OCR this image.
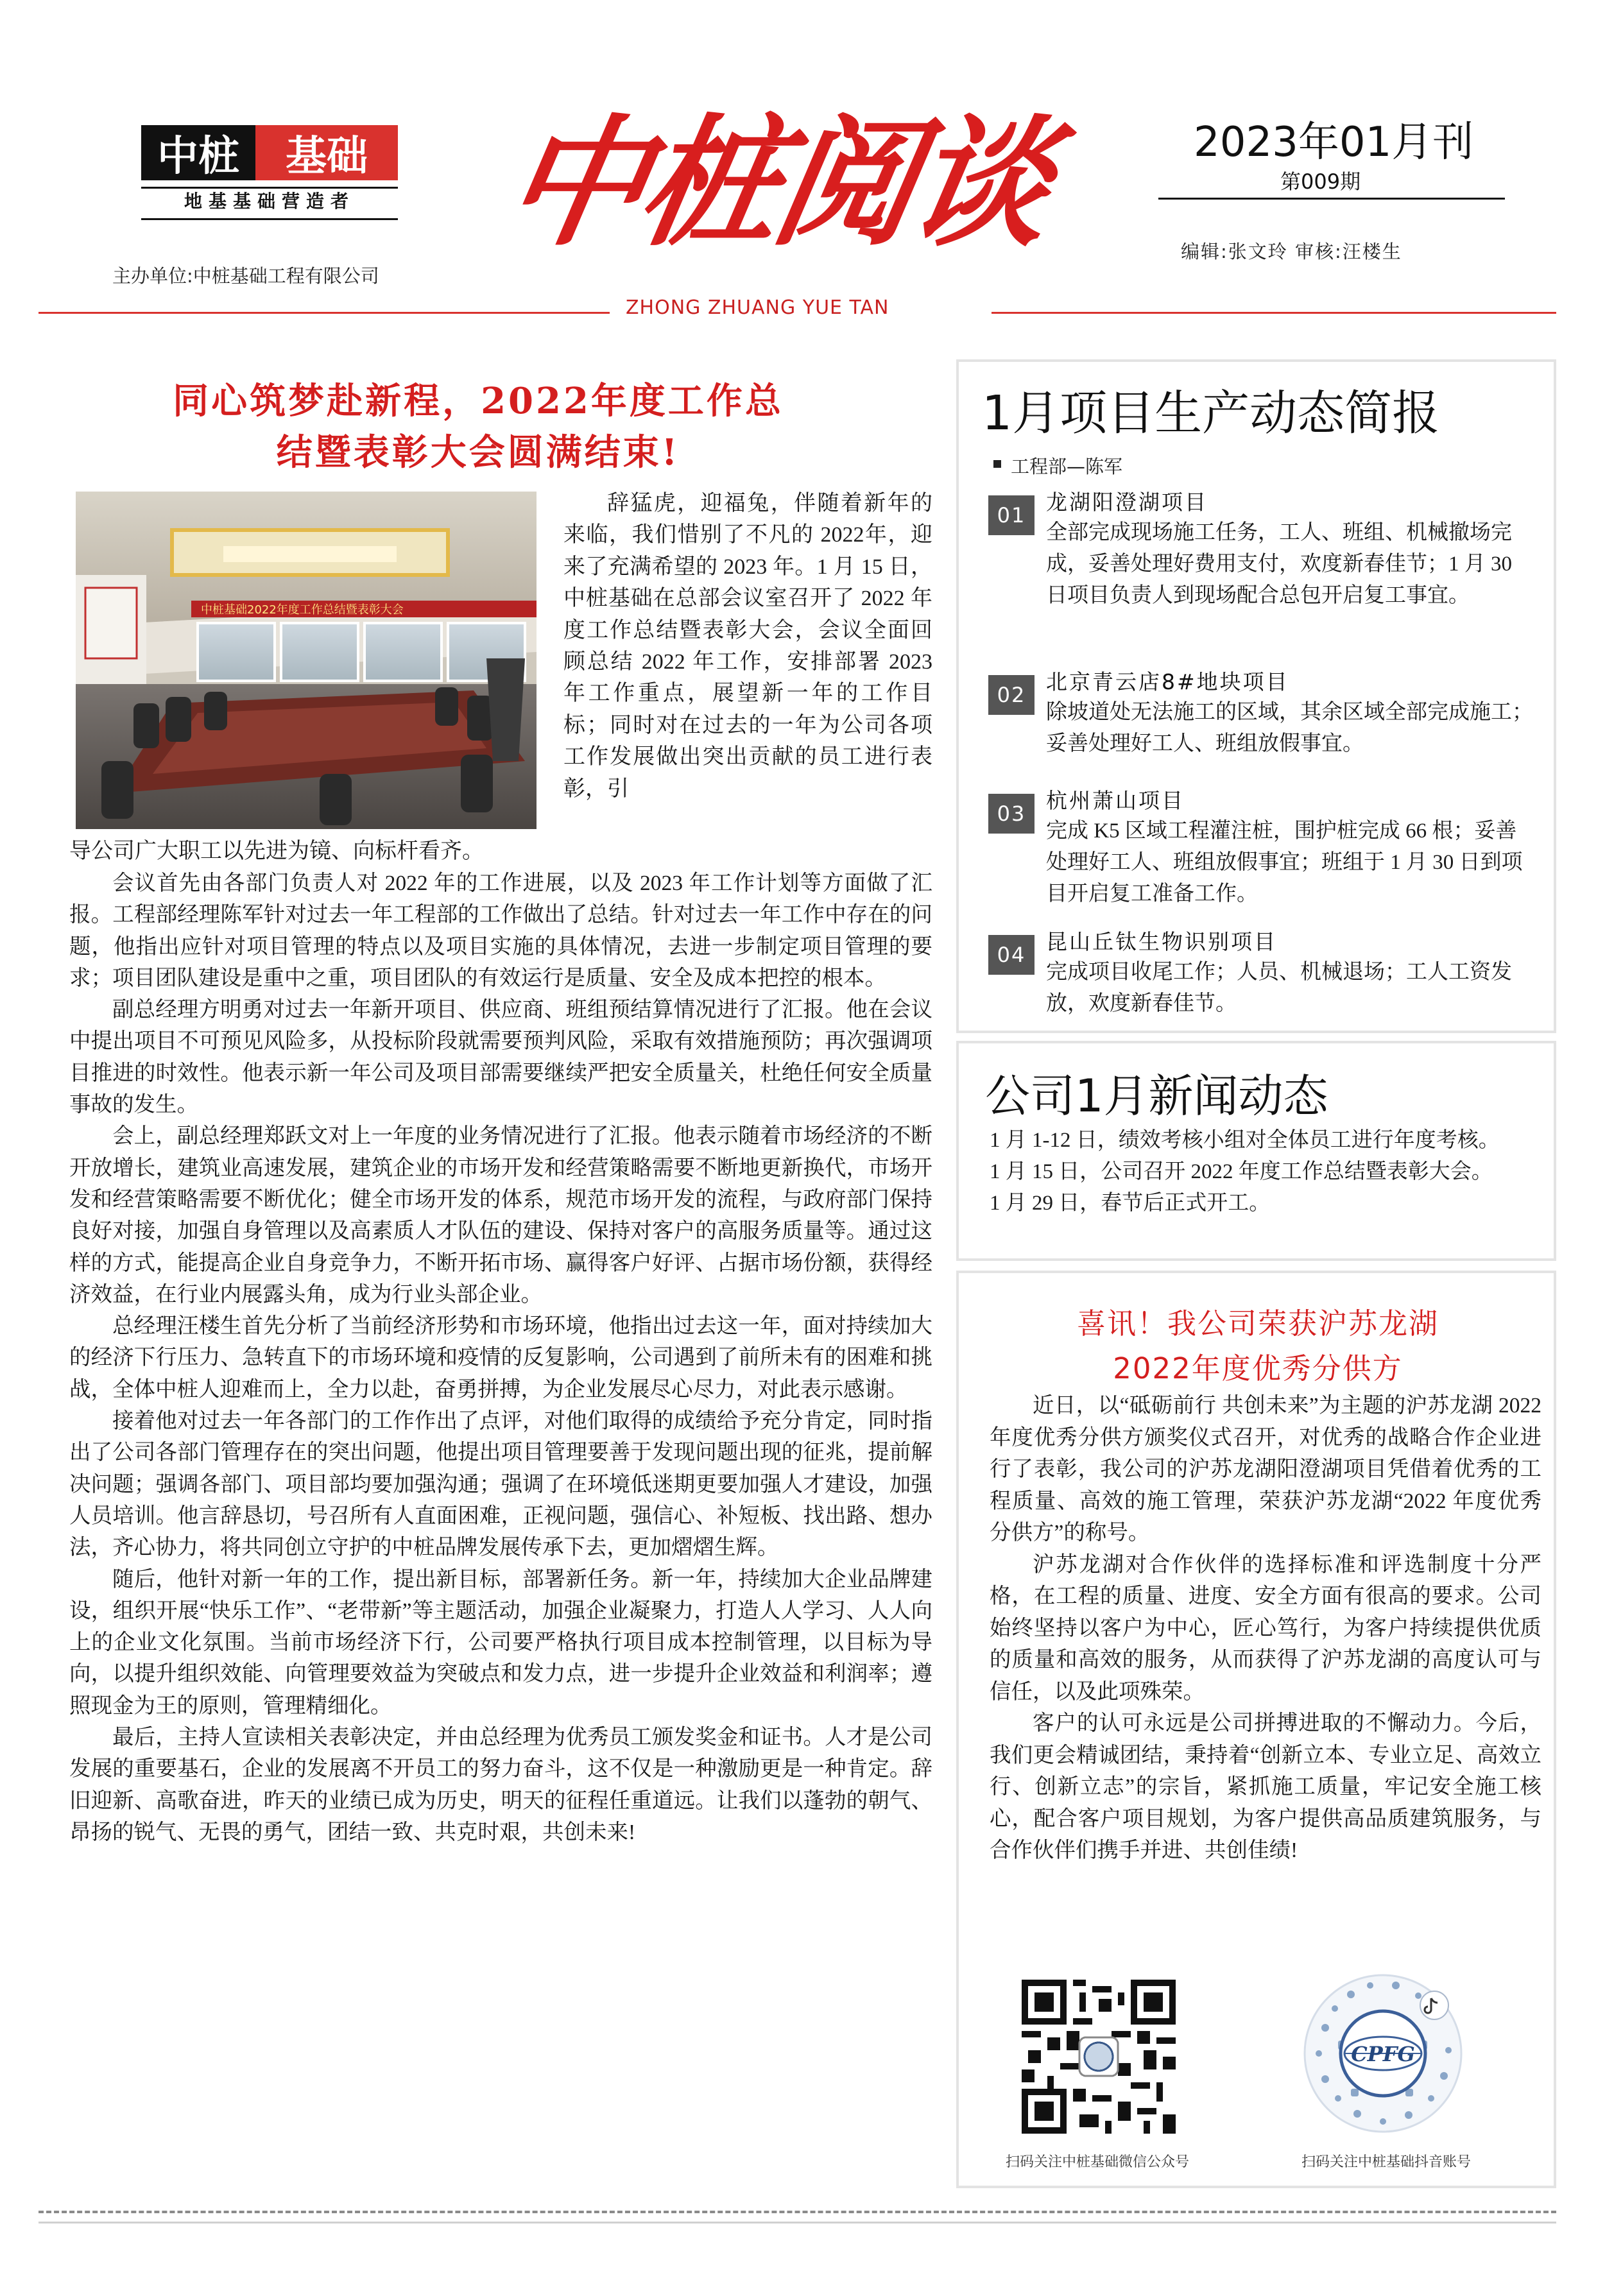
中桩	基础
地基基础营造者
主办单位:中桩基础工程有限公司
中桩阅谈
ZHONG ZHUANG YUE TAN
2023年01月刊
第009期
编辑:张文玲 审核:汪楼生
同心筑梦赴新程，2022年度工作总
结暨表彰大会圆满结束!
中桩基础2022年度工作总结暨表彰大会
辞猛虎，迎福兔，伴随着新年的来临，我们惜别了不凡的 2022年，迎来了充满希望的 2023 年。1 月 15 日，中桩基础在总部会议室召开了 2022 年度工作总结暨表彰大会，会议全面回顾总结 2022 年工作，安排部署 2023 年工作重点，展望新一年的工作目标；同时对在过去的一年为公司各项工作发展做出突出贡献的员工进行表彰，引
导公司广大职工以先进为镜、向标杆看齐。

会议首先由各部门负责人对 2022 年的工作进展，以及 2023 年工作计划等方面做了汇报。工程部经理陈军针对过去一年工程部的工作做出了总结。针对过去一年工作中存在的问题，他指出应针对项目管理的特点以及项目实施的具体情况，去进一步制定项目管理的要求；项目团队建设是重中之重，项目团队的有效运行是质量、安全及成本把控的根本。

副总经理方明勇对过去一年新开项目、供应商、班组预结算情况进行了汇报。他在会议中提出项目不可预见风险多，从投标阶段就需要预判风险，采取有效措施预防；再次强调项目推进的时效性。他表示新一年公司及项目部需要继续严把安全质量关，杜绝任何安全质量事故的发生。

会上，副总经理郑跃文对上一年度的业务情况进行了汇报。他表示随着市场经济的不断开放增长，建筑业高速发展，建筑企业的市场开发和经营策略需要不断地更新换代，市场开发和经营策略需要不断优化；健全市场开发的体系，规范市场开发的流程，与政府部门保持良好对接，加强自身管理以及高素质人才队伍的建设、保持对客户的高服务质量等。通过这样的方式，能提高企业自身竞争力，不断开拓市场、赢得客户好评、占据市场份额，获得经济效益，在行业内展露头角，成为行业头部企业。

总经理汪楼生首先分析了当前经济形势和市场环境，他指出过去这一年，面对持续加大的经济下行压力、急转直下的市场环境和疫情的反复影响，公司遇到了前所未有的困难和挑战，全体中桩人迎难而上，全力以赴，奋勇拼搏，为企业发展尽心尽力，对此表示感谢。

接着他对过去一年各部门的工作作出了点评，对他们取得的成绩给予充分肯定，同时指出了公司各部门管理存在的突出问题，他提出项目管理要善于发现问题出现的征兆，提前解决问题；强调各部门、项目部均要加强沟通；强调了在环境低迷期更要加强人才建设，加强人员培训。他言辞恳切，号召所有人直面困难，正视问题，强信心、补短板、找出路、想办法，齐心协力，将共同创立守护的中桩品牌发展传承下去，更加熠熠生辉。

随后，他针对新一年的工作，提出新目标，部署新任务。新一年，持续加大企业品牌建设，组织开展“快乐工作”、“老带新”等主题活动，加强企业凝聚力，打造人人学习、人人向上的企业文化氛围。当前市场经济下行，公司要严格执行项目成本控制管理，以目标为导向，以提升组织效能、向管理要效益为突破点和发力点，进一步提升企业效益和利润率；遵照现金为王的原则，管理精细化。

最后，主持人宣读相关表彰决定，并由总经理为优秀员工颁发奖金和证书。人才是公司发展的重要基石，企业的发展离不开员工的努力奋斗，这不仅是一种激励更是一种肯定。辞旧迎新、高歌奋进，昨天的业绩已成为历史，明天的征程任重道远。让我们以蓬勃的朝气、昂扬的锐气、无畏的勇气，团结一致、共克时艰，共创未来!

1月项目生产动态简报
工程部—陈军
01
龙湖阳澄湖项目
全部完成现场施工任务，工人、班组、机械撤场完成，妥善处理好费用支付，欢度新春佳节；1 月 30 日项目负责人到现场配合总包开启复工事宜。
02
北京青云店8#地块项目
除坡道处无法施工的区域，其余区域全部完成施工；妥善处理好工人、班组放假事宜。
03
杭州萧山项目
完成 K5 区域工程灌注桩，围护桩完成 66 根；妥善处理好工人、班组放假事宜；班组于 1 月 30 日到项目开启复工准备工作。
04
昆山丘钛生物识别项目
完成项目收尾工作；人员、机械退场；工人工资发放，欢度新春佳节。
公司1月新闻动态

1 月 1-12 日，绩效考核小组对全体员工进行年度考核。

1 月 15 日，公司召开 2022 年度工作总结暨表彰大会。

1 月 29 日，春节后正式开工。

喜讯！我公司荣获沪苏龙湖
2022年度优秀分供方

近日，以“砥砺前行 共创未来”为主题的沪苏龙湖 2022 年度优秀分供方颁奖仪式召开，对优秀的战略合作企业进行了表彰，我公司的沪苏龙湖阳澄湖项目凭借着优秀的工程质量、高效的施工管理，荣获沪苏龙湖“2022 年度优秀分供方”的称号。

沪苏龙湖对合作伙伴的选择标准和评选制度十分严格，在工程的质量、进度、安全方面有很高的要求。公司始终坚持以客户为中心，匠心笃行，为客户持续提供优质的质量和高效的服务，从而获得了沪苏龙湖的高度认可与信任，以及此项殊荣。

客户的认可永远是公司拼搏进取的不懈动力。今后，我们更会精诚团结，秉持着“创新立本、专业立足、高效立行、创新立志”的宗旨，紧抓施工质量，牢记安全施工核心，配合客户项目规划，为客户提供高品质建筑服务，与合作伙伴们携手并进、共创佳绩!

CPFG
扫码关注中桩基础微信公众号	扫码关注中桩基础抖音账号
